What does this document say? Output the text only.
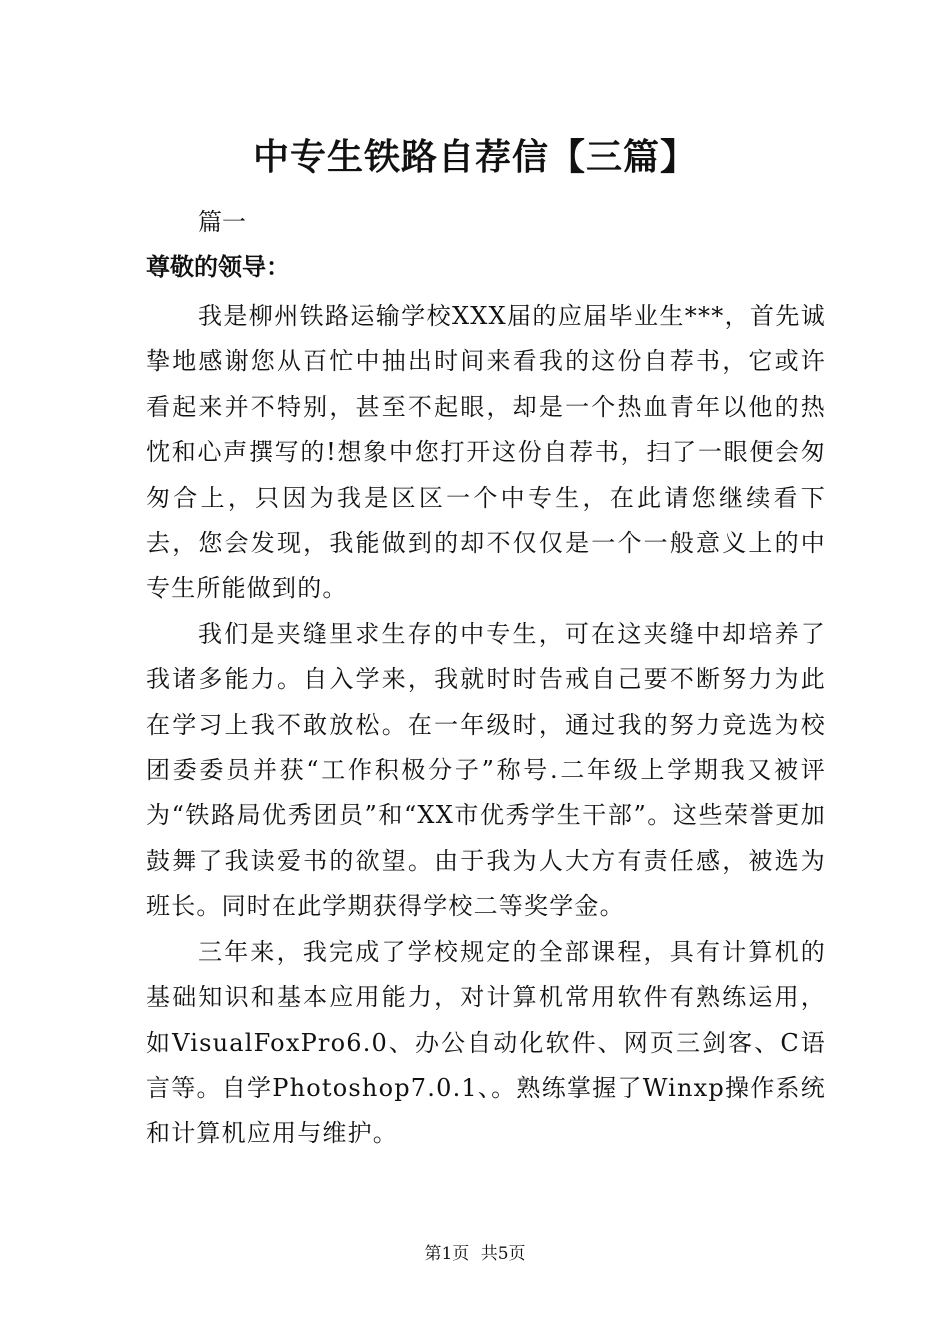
中专生铁路自荐信【三篇】
篇一
尊敬的领导：

我是柳州铁路运输学校XXX届的应届毕业生***，首先诚挚地感谢您从百忙中抽出时间来看我的这份自荐书，它或许看起来并不特别，甚至不起眼，却是一个热血青年以他的热忱和心声撰写的!想象中您打开这份自荐书，扫了一眼便会匆匆合上，只因为我是区区一个中专生，在此请您继续看下去，您会发现，我能做到的却不仅仅是一个一般意义上的中专生所能做到的。

我们是夹缝里求生存的中专生，可在这夹缝中却培养了我诸多能力。自入学来，我就时时告戒自己要不断努力为此在学习上我不敢放松。在一年级时，通过我的努力竞选为校团委委员并获“工作积极分子”称号.二年级上学期我又被评为“铁路局优秀团员”和“XX市优秀学生干部”。这些荣誉更加鼓舞了我读爱书的欲望。由于我为人大方有责任感，被选为班长。同时在此学期获得学校二等奖学金。

三年来，我完成了学校规定的全部课程，具有计算机的基础知识和基本应用能力，对计算机常用软件有熟练运用，如VisualFoxPro6.0、办公自动化软件、网页三剑客、C语言等。自学Photoshop7.0.1、。熟练掌握了Winxp操作系统和计算机应用与维护。

第1页 共5页
